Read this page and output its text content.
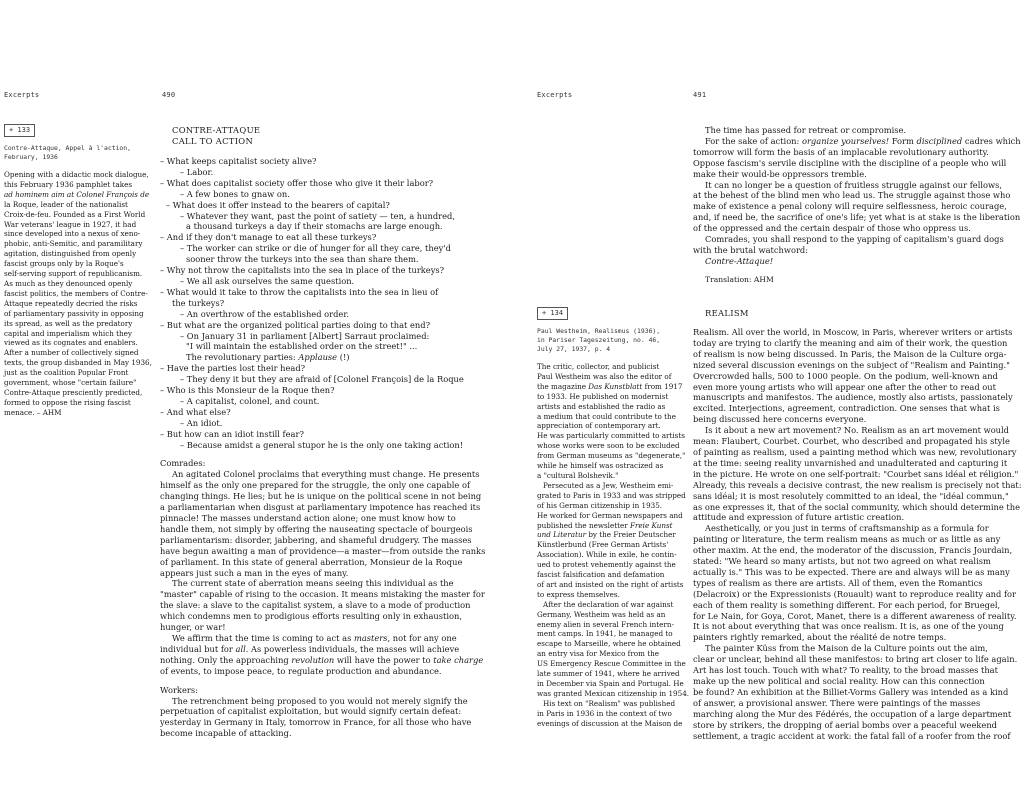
Excerpts	490
+ 133

Contre-Attaque, Appel à l'action,

February, 1936

Opening with a didactic mock dialogue,

this February 1936 pamphlet takes

ad hominem aim at Colonel François de

la Roque, leader of the nationalist

Croix-de-feu. Founded as a First World

War veterans' league in 1927, it had

since developed into a nexus of xeno-

phobic, anti-Semitic, and paramilitary

agitation, distinguished from openly

fascist groups only by la Roque's

self-serving support of republicanism.

As much as they denounced openly

fascist politics, the members of Contre-

Attaque repeatedly decried the risks

of parliamentary passivity in opposing

its spread, as well as the predatory

capital and imperialism which they

viewed as its cognates and enablers.

After a number of collectively signed

texts, the group disbanded in May 1936,

just as the coalition Popular Front

government, whose "certain failure"

Contre-Attaque presciently predicted,

formed to oppose the rising fascist

menace. – AHM

CONTRE-ATTAQUE
CALL TO ACTION
– What keeps capitalist society alive?
– Labor.
– What does capitalist society offer those who give it their labor?
– A few bones to gnaw on.
– What does it offer instead to the bearers of capital?
– Whatever they want, past the point of satiety — ten, a hundred,
a thousand turkeys a day if their stomachs are large enough.
– And if they don't manage to eat all these turkeys?
– The worker can strike or die of hunger for all they care, they'd
sooner throw the turkeys into the sea than share them.
– Why not throw the capitalists into the sea in place of the turkeys?
– We all ask ourselves the same question.
– What would it take to throw the capitalists into the sea in lieu of
the turkeys?
– An overthrow of the established order.
– But what are the organized political parties doing to that end?
– On January 31 in parliament [Albert] Sarraut proclaimed:
"I will maintain the established order on the street!" ...
The revolutionary parties: Applause (!)
– Have the parties lost their head?
– They deny it but they are afraid of [Colonel François] de la Roque
– Who is this Monsieur de la Roque then?
– A capitalist, colonel, and count.
– And what else?
– An idiot.
– But how can an idiot instill fear?
– Because amidst a general stupor he is the only one taking action!
Comrades:
An agitated Colonel proclaims that everything must change. He presents
himself as the only one prepared for the struggle, the only one capable of
changing things. He lies; but he is unique on the political scene in not being
a parliamentarian when disgust at parliamentary impotence has reached its
pinnacle! The masses understand action alone; one must know how to
handle them, not simply by offering the nauseating spectacle of bourgeois
parliamentarism: disorder, jabbering, and shameful drudgery. The masses
have begun awaiting a man of providence—a master—from outside the ranks
of parliament. In this state of general aberration, Monsieur de la Roque
appears just such a man in the eyes of many.
The current state of aberration means seeing this individual as the
"master" capable of rising to the occasion. It means mistaking the master for
the slave: a slave to the capitalist system, a slave to a mode of production
which condemns men to prodigious efforts resulting only in exhaustion,
hunger, or war!
We affirm that the time is coming to act as masters, not for any one
individual but for all. As powerless individuals, the masses will achieve
nothing. Only the approaching revolution will have the power to take charge
of events, to impose peace, to regulate production and abundance.
Workers:
The retrenchment being proposed to you would not merely signify the
perpetuation of capitalist exploitation, but would signify certain defeat:
yesterday in Germany in Italy, tomorrow in France, for all those who have
become incapable of attacking.
Excerpts	491
The time has passed for retreat or compromise.
For the sake of action: organize yourselves! Form disciplined cadres which
tomorrow will form the basis of an implacable revolutionary authority.
Oppose fascism's servile discipline with the discipline of a people who will
make their would-be oppressors tremble.
It can no longer be a question of fruitless struggle against our fellows,
at the behest of the blind men who lead us. The struggle against those who
make of existence a penal colony will require selflessness, heroic courage,
and, if need be, the sacrifice of one's life; yet what is at stake is the liberation
of the oppressed and the certain despair of those who oppress us.
Comrades, you shall respond to the yapping of capitalism's guard dogs
with the brutal watchword:
Contre-Attaque!
Translation: AHM
+ 134

Paul Westheim, Realismus (1936),

in Pariser Tageszeitung, no. 46,

July 27, 1937, p. 4

The critic, collector, and publicist

Paul Westheim was also the editor of

the magazine Das Kunstblatt from 1917

to 1933. He published on modernist

artists and established the radio as

a medium that could contribute to the

appreciation of contemporary art.

He was particularly committed to artists

whose works were soon to be excluded

from German museums as "degenerate,"

while he himself was ostracized as

a "cultural Bolshevik."

Persecuted as a Jew, Westheim emi-

grated to Paris in 1933 and was stripped

of his German citizenship in 1935.

He worked for German newspapers and

published the newsletter Freie Kunst

und Literatur by the Freier Deutscher

Künstlerbund (Free German Artists'

Association). While in exile, he contin-

ued to protest vehemently against the

fascist falsification and defamation

of art and insisted on the right of artists

to express themselves.

After the declaration of war against

Germany, Westheim was held as an

enemy alien in several French intern-

ment camps. In 1941, he managed to

escape to Marseille, where he obtained

an entry visa for Mexico from the

US Emergency Rescue Committee in the

late summer of 1941, where he arrived

in December via Spain and Portugal. He

was granted Mexican citizenship in 1954.

His text on "Realism" was published

in Paris in 1936 in the context of two

evenings of discussion at the Maison de

REALISM
Realism. All over the world, in Moscow, in Paris, wherever writers or artists
today are trying to clarify the meaning and aim of their work, the question
of realism is now being discussed. In Paris, the Maison de la Culture orga-
nized several discussion evenings on the subject of "Realism and Painting."
Overcrowded halls, 500 to 1000 people. On the podium, well-known and
even more young artists who will appear one after the other to read out
manuscripts and manifestos. The audience, mostly also artists, passionately
excited. Interjections, agreement, contradiction. One senses that what is
being discussed here concerns everyone.
Is it about a new art movement? No. Realism as an art movement would
mean: Flaubert, Courbet. Courbet, who described and propagated his style
of painting as realism, used a painting method which was new, revolutionary
at the time: seeing reality unvarnished and unadulterated and capturing it
in the picture. He wrote on one self-portrait: "Courbet sans idéal et réligion."
Already, this reveals a decisive contrast, the new realism is precisely not that:
sans idéal; it is most resolutely committed to an ideal, the "idéal commun,"
as one expresses it, that of the social community, which should determine the
attitude and expression of future artistic creation.
Aesthetically, or you just in terms of craftsmanship as a formula for
painting or literature, the term realism means as much or as little as any
other maxim. At the end, the moderator of the discussion, Francis Jourdain,
stated: "We heard so many artists, but not two agreed on what realism
actually is." This was to be expected. There are and always will be as many
types of realism as there are artists. All of them, even the Romantics
(Delacroix) or the Expressionists (Rouault) want to reproduce reality and for
each of them reality is something different. For each period, for Bruegel,
for Le Nain, for Goya, Corot, Manet, there is a different awareness of reality.
It is not about everything that was once realism. It is, as one of the young
painters rightly remarked, about the réalité de notre temps.
The painter Küss from the Maison de la Culture points out the aim,
clear or unclear, behind all these manifestos: to bring art closer to life again.
Art has lost touch. Touch with what? To reality, to the broad masses that
make up the new political and social reality. How can this connection
be found? An exhibition at the Billiet-Vorms Gallery was intended as a kind
of answer, a provisional answer. There were paintings of the masses
marching along the Mur des Fédérés, the occupation of a large department
store by strikers, the dropping of aerial bombs over a peaceful weekend
settlement, a tragic accident at work: the fatal fall of a roofer from the roof
